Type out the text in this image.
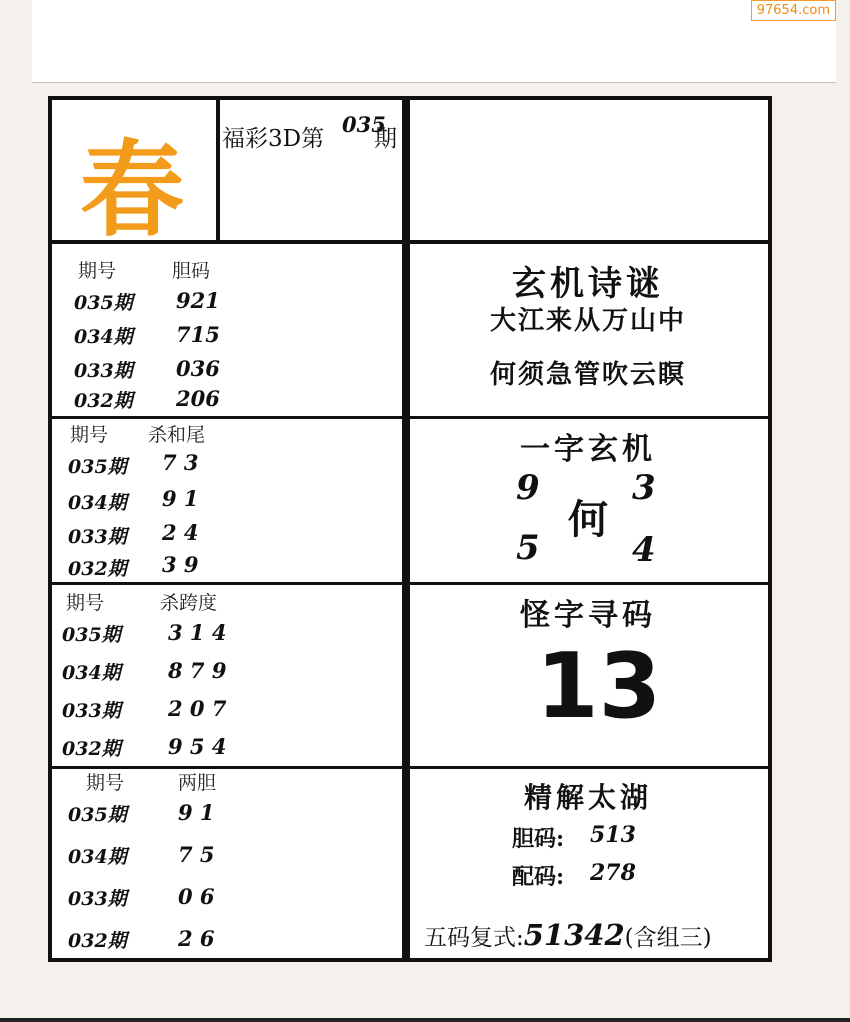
97654.com
春 福彩3D第
035
期
期号	胆码
035期 921
034期 715
033期 036
032期 206
期号 杀和尾
035期 7 3
034期 9 1
033期 2 4
032期 3 9
期号	杀跨度
035期 3 1 4
034期 8 7 9
033期 2 0 7
032期 9 5 4
期号	两胆
035期 9 1
034期 7 5
033期 0 6
032期 2 6
玄机诗谜
大江来从万山中
何须急管吹云瞑
一字玄机
9	3
何
5	4
怪字寻码
13
精解太湖
胆码: 513
配码: 278
五码复式:51342(含组三)
